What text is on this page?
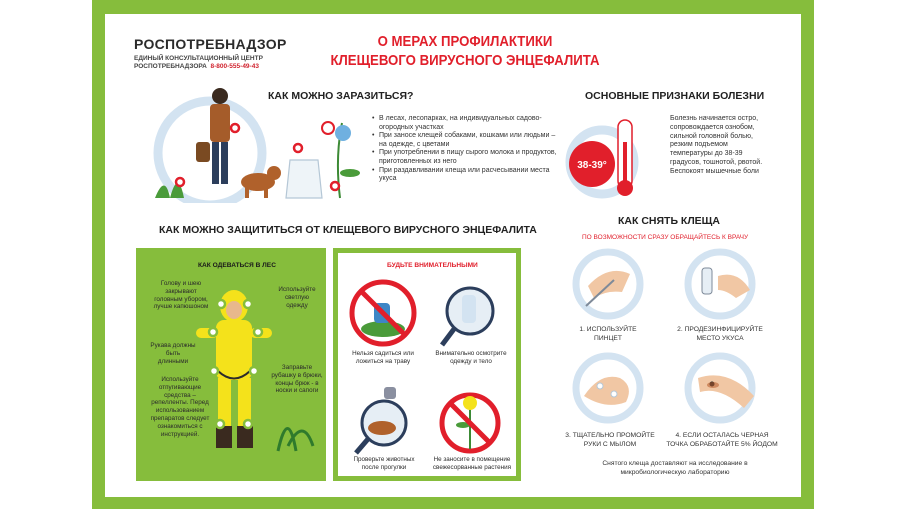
РОСПОТРЕБНАДЗОР
ЕДИНЫЙ КОНСУЛЬТАЦИОННЫЙ ЦЕНТР
РОСПОТРЕБНАДЗОРА 8-800-555-49-43
О МЕРАХ ПРОФИЛАКТИКИ
КЛЕЩЕВОГО ВИРУСНОГО ЭНЦЕФАЛИТА
КАК МОЖНО ЗАРАЗИТЬСЯ?
• В лесах, лесопарках, на индивидуальных садово-огородных участках
• При заносе клещей собаками, кошками или людьми – на одежде, с цветами
• При употреблении в пищу сырого молока и продуктов, приготовленных из него
• При раздавливании клеща или расчесывании места укуса
ОСНОВНЫЕ ПРИЗНАКИ БОЛЕЗНИ
38-39°
Болезнь начинается остро, сопровождается ознобом, сильной головной болью, резким подъемом температуры до 38-39 градусов, тошнотой, рвотой. Беспокоят мышечные боли
КАК МОЖНО ЗАЩИТИТЬСЯ ОТ КЛЕЩЕВОГО ВИРУСНОГО ЭНЦЕФАЛИТА
КАК ОДЕВАТЬСЯ В ЛЕС
Голову и шею закрывают головным убором, лучше капюшоном
Используйте светлую одежду
Рукава должны быть длинными
Используйте отпугивающие средства – репелленты. Перед использованием препаратов следует ознакомиться с инструкцией.
Заправьте рубашку в брюки, концы брюк - в носки и сапоги
БУДЬТЕ ВНИМАТЕЛЬНЫМИ
Нельзя садиться или ложиться на траву
Внимательно осмотрите одежду и тело
Проверьте животных после прогулки
Не заносите в помещение свежесорванные растения
КАК СНЯТЬ КЛЕЩА
ПО ВОЗМОЖНОСТИ СРАЗУ ОБРАЩАЙТЕСЬ К ВРАЧУ
1. ИСПОЛЬЗУЙТЕ ПИНЦЕТ
2. ПРОДЕЗИНФИЦИРУЙТЕ МЕСТО УКУСА
3. ТЩАТЕЛЬНО ПРОМОЙТЕ РУКИ С МЫЛОМ
4. ЕСЛИ ОСТАЛАСЬ ЧЕРНАЯ ТОЧКА ОБРАБОТАЙТЕ 5% ЙОДОМ
Снятого клеща доставляют на исследование в микробиологическую лабораторию
